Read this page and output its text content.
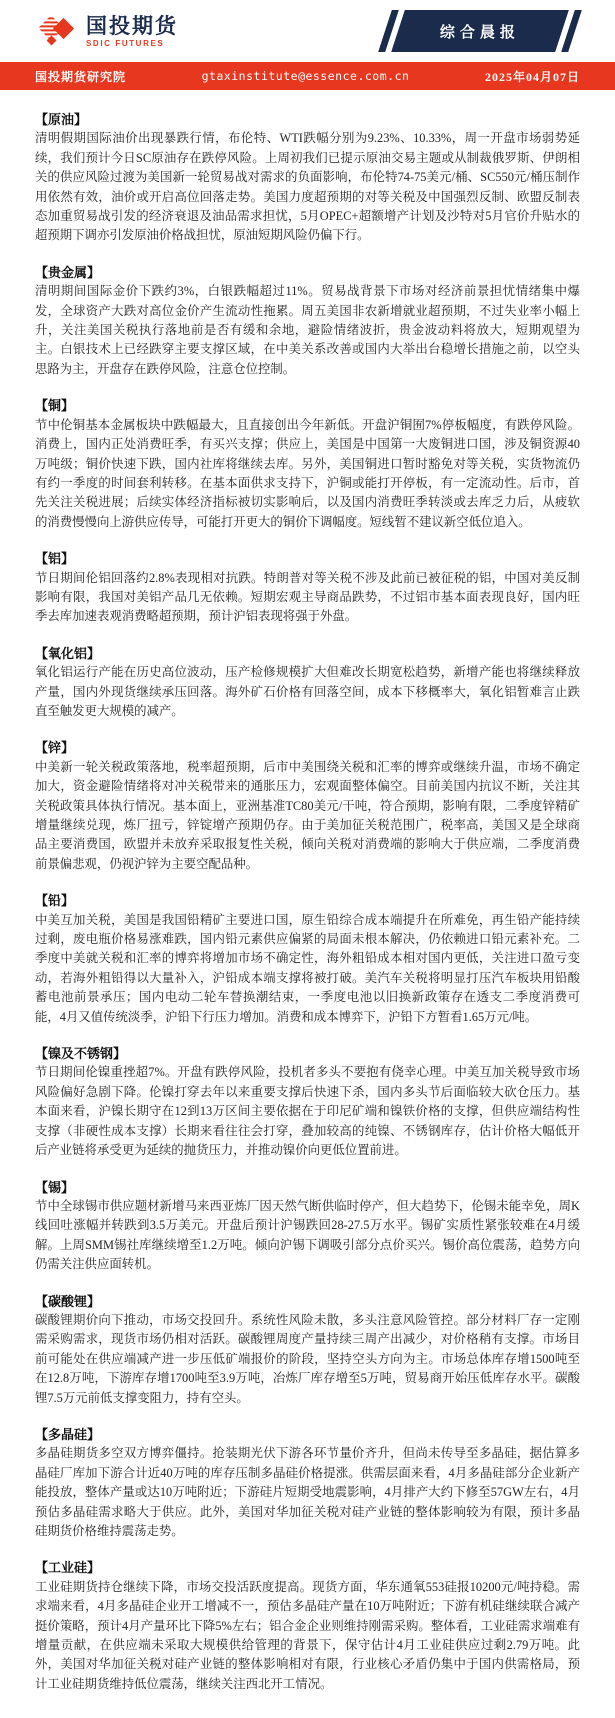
国投期货
SDIC FUTURES
综合晨报
国投期货研究院	gtaxinstitute@essence.com.cn	2025年04月07日
【原油】
清明假期国际油价出现暴跌行情，布伦特、WTI跌幅分别为9.23%、10.33%，周一开盘市场弱势延续，我们预计今日SC原油存在跌停风险。上周初我们已提示原油交易主题或从制裁俄罗斯、伊朗相关的供应风险过渡为美国新一轮贸易战对需求的负面影响，布伦特74-75美元/桶、SC550元/桶压制作用依然有效，油价或开启高位回落走势。美国力度超预期的对等关税及中国强烈反制、欧盟反制表态加重贸易战引发的经济衰退及油品需求担忧，5月OPEC+超额增产计划及沙特对5月官价升贴水的超预期下调亦引发原油价格战担忧，原油短期风险仍偏下行。
【贵金属】
清明期间国际金价下跌约3%，白银跌幅超过11%。贸易战背景下市场对经济前景担忧情绪集中爆发，全球资产大跌对高位金价产生流动性拖累。周五美国非农新增就业超预期，不过失业率小幅上升，关注美国关税执行落地前是否有缓和余地，避险情绪波折，贵金波动料将放大，短期观望为主。白银技术上已经跌穿主要支撑区域，在中美关系改善或国内大举出台稳增长措施之前，以空头思路为主，开盘存在跌停风险，注意仓位控制。
【铜】
节中伦铜基本金属板块中跌幅最大，且直接创出今年新低。开盘沪铜囿7%停板幅度，有跌停风险。消费上，国内正处消费旺季，有买兴支撑；供应上，美国是中国第一大废铜进口国，涉及铜资源40万吨级；铜价快速下跌，国内社库将继续去库。另外，美国铜进口暂时豁免对等关税，实货物流仍有约一季度的时间套利转移。在基本面供求支持下，沪铜或能打开停板，有一定流动性。后市，首先关注关税进展；后续实体经济指标被切实影响后，以及国内消费旺季转淡或去库乏力后，从疲软的消费慢慢向上游供应传导，可能打开更大的铜价下调幅度。短线暂不建议新空低位追入。
【铝】
节日期间伦铝回落约2.8%表现相对抗跌。特朗普对等关税不涉及此前已被征税的铝，中国对美反制影响有限，我国对美铝产品几无依赖。短期宏观主导商品跌势，不过铝市基本面表现良好，国内旺季去库加速表观消费略超预期，预计沪铝表现将强于外盘。
【氧化铝】
氧化铝运行产能在历史高位波动，压产检修规模扩大但难改长期宽松趋势，新增产能也将继续释放产量，国内外现货继续承压回落。海外矿石价格有回落空间，成本下移概率大，氧化铝暂难言止跌直至触发更大规模的减产。
【锌】
中美新一轮关税政策落地，税率超预期，后市中美围绕关税和汇率的博弈或继续升温，市场不确定加大，资金避险情绪将对冲关税带来的通胀压力，宏观面整体偏空。目前美国内抗议不断，关注其关税政策具体执行情况。基本面上，亚洲基准TC80美元/干吨，符合预期，影响有限，二季度锌精矿增量继续兑现，炼厂扭亏，锌锭增产预期仍存。由于美加征关税范围广，税率高，美国又是全球商品主要消费国，欧盟并未放弃采取报复性关税，倾向关税对消费端的影响大于供应端，二季度消费前景偏悲观，仍视沪锌为主要空配品种。
【铅】
中美互加关税，美国是我国铅精矿主要进口国，原生铅综合成本端提升在所难免，再生铅产能持续过剩，废电瓶价格易涨难跌，国内铅元素供应偏紧的局面未根本解决，仍依赖进口铅元素补充。二季度中美就关税和汇率的博弈将增加市场不确定性，海外粗铅成本相对国内更低，关注进口盈亏变动，若海外粗铅得以大量补入，沪铅成本端支撑将被打破。美汽车关税将明显打压汽车板块用铅酸蓄电池前景承压；国内电动二轮车替换潮结束，一季度电池以旧换新政策存在透支二季度消费可能，4月又值传统淡季，沪铅下行压力增加。消费和成本博弈下，沪铅下方暂看1.65万元/吨。
【镍及不锈钢】
节日期间伦镍重挫超7%。开盘有跌停风险，投机者多头不要抱有侥幸心理。中美互加关税导致市场风险偏好急剧下降。伦镍打穿去年以来重要支撑后快速下杀，国内多头节后面临较大砍仓压力。基本面来看，沪镍长期守在12到13万区间主要依据在于印尼矿端和镍铁价格的支撑，但供应端结构性支撑（非硬性成本支撑）长期来看往往会打穿，叠加较高的纯镍、不锈钢库存，估计价格大幅低开后产业链将承受更为延续的抛货压力，并推动镍价向更低位置前进。
【锡】
节中全球锡市供应题材新增马来西亚炼厂因天然气断供临时停产，但大趋势下，伦锡未能幸免，周K线回吐涨幅并转跌到3.5万美元。开盘后预计沪锡跌回28-27.5万水平。锡矿实质性紧张较难在4月缓解。上周SMM锡社库继续增至1.2万吨。倾向沪锡下调吸引部分点价买兴。锡价高位震荡，趋势方向仍需关注供应面转机。
【碳酸锂】
碳酸锂期价向下推动，市场交投回升。系统性风险未散，多头注意风险管控。部分材料厂存一定刚需采购需求，现货市场仍相对活跃。碳酸锂周度产量持续三周产出减少，对价格稍有支撑。市场目前可能处在供应端减产进一步压低矿端报价的阶段，坚持空头方向为主。市场总体库存增1500吨至在12.8万吨，下游库存增1700吨至3.9万吨，冶炼厂库存增至5万吨，贸易商开始压低库存水平。碳酸锂7.5万元前低支撑变阻力，持有空头。
【多晶硅】
多晶硅期货多空双方博弈僵持。抢装期光伏下游各环节量价齐升，但尚未传导至多晶硅，据估算多晶硅厂库加下游合计近40万吨的库存压制多晶硅价格提涨。供需层面来看，4月多晶硅部分企业新产能投放，整体产量或达10万吨附近；下游硅片短期受地震影响，4月排产大约下修至57GW左右，4月预估多晶硅需求略大于供应。此外，美国对华加征关税对硅产业链的整体影响较为有限，预计多晶硅期货价格维持震荡走势。
【工业硅】
工业硅期货持仓继续下降，市场交投活跃度提高。现货方面，华东通氧553硅报10200元/吨持稳。需求端来看，4月多晶硅企业开工增减不一，预估多晶硅产量在10万吨附近；下游有机硅继续联合减产挺价策略，预计4月产量环比下降5%左右；铝合金企业则维持刚需采购。整体看，工业硅需求端难有增量贡献，在供应端未采取大规模供给管理的背景下，保守估计4月工业硅供应过剩2.79万吨。此外，美国对华加征关税对硅产业链的整体影响相对有限，行业核心矛盾仍集中于国内供需格局，预计工业硅期货维持低位震荡，继续关注西北开工情况。
